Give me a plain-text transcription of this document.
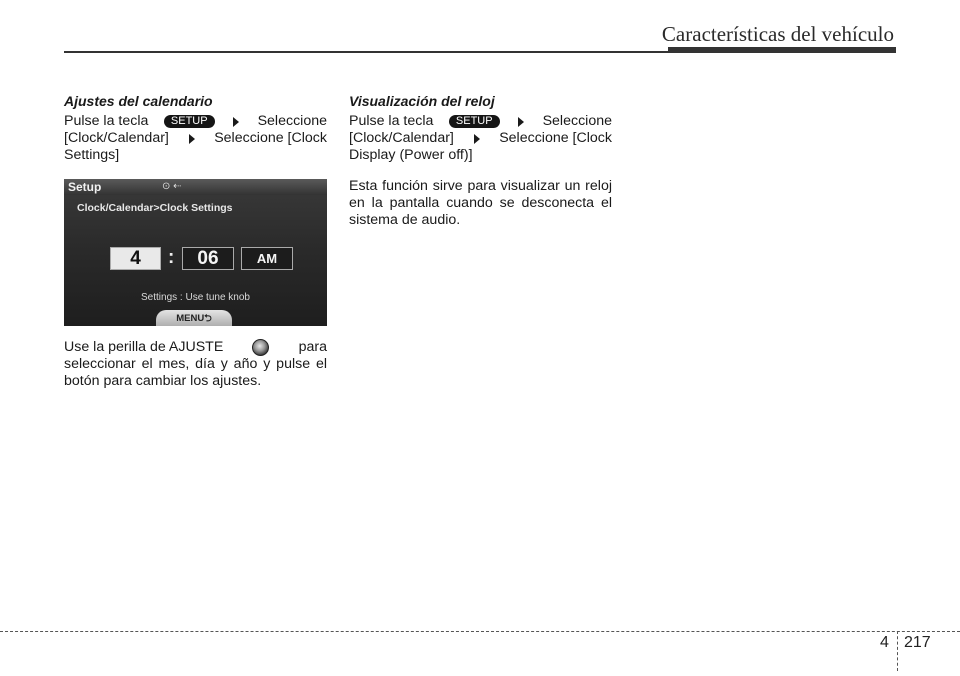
Características del vehículo
Ajustes del calendario

Pulse la tecla	SETUP	Seleccione
[Clock/Calendar]	Seleccione [Clock
Settings]

Setup	⊙ ⇠
Clock/Calendar>Clock Settings
4	:	06	AM
Settings : Use tune knob
MENU⮌

Use la perilla de AJUSTE	para
seleccionar el mes, día y año y pulse el botón para cambiar los ajustes.

Visualización del reloj

Pulse la tecla	SETUP	Seleccione
[Clock/Calendar]	Seleccione [Clock
Display (Power off)]

Esta función sirve para visualizar un reloj en la pantalla cuando se desconecta el sistema de audio.

4 217
